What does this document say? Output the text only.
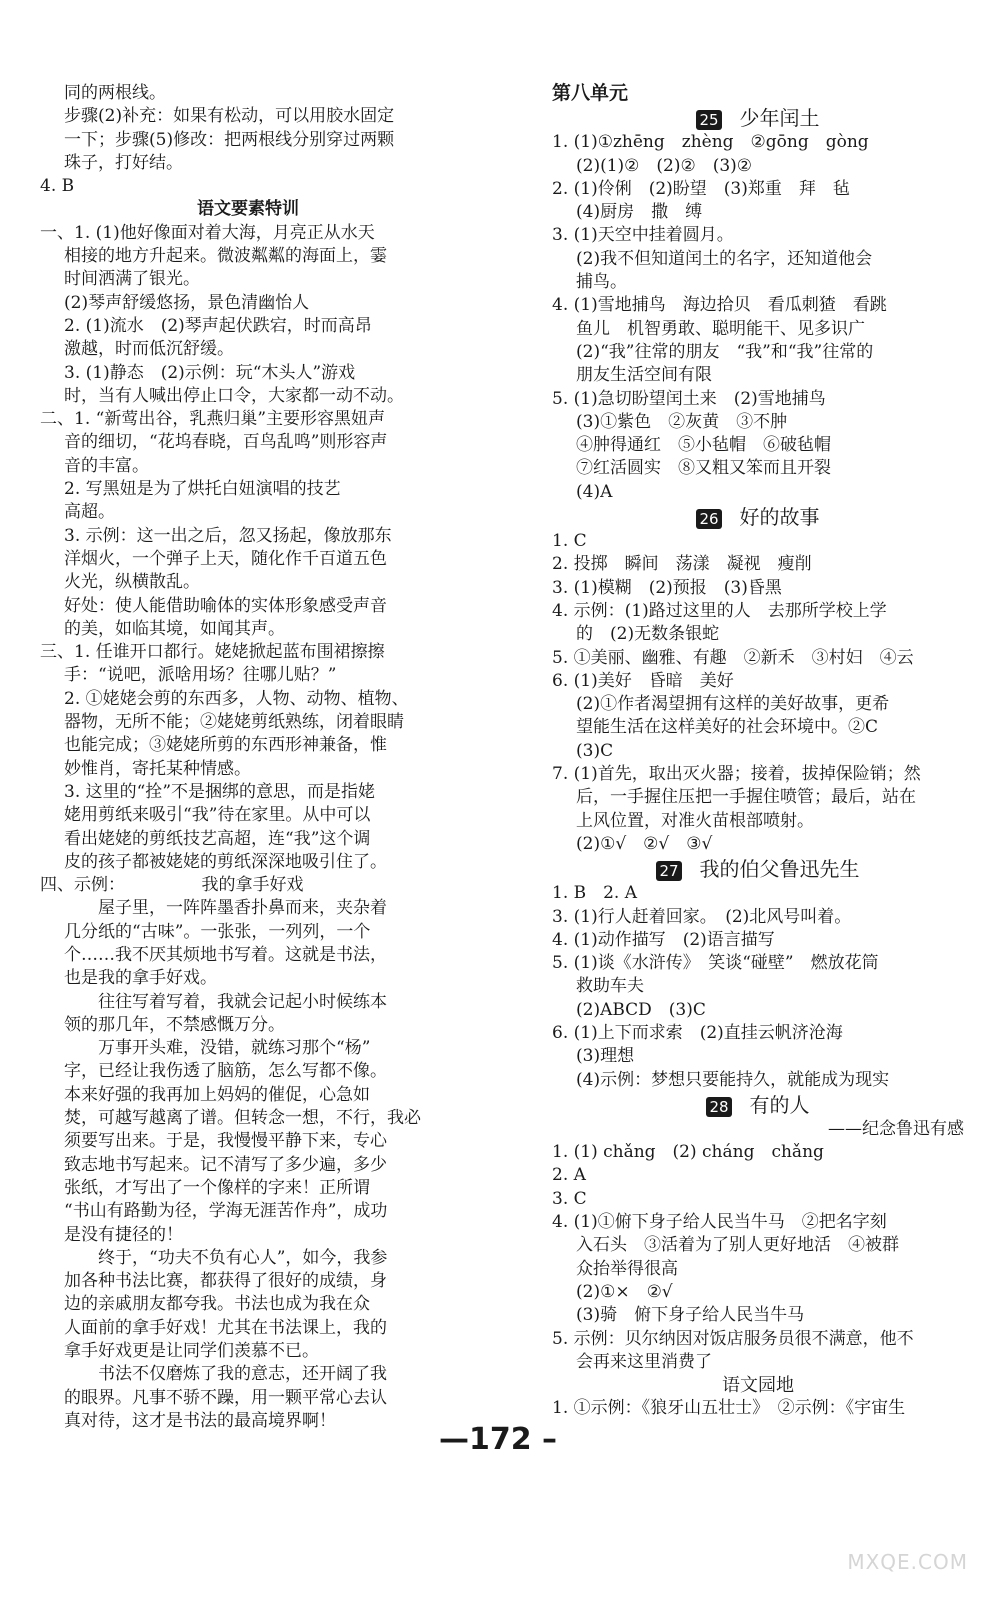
同的两根线。
步骤(2)补充：如果有松动，可以用胶水固定
一下；步骤(5)修改：把两根线分别穿过两颗
珠子，打好结。
4. B
语文要素特训
一、1. (1)他好像面对着大海，月亮正从水天
相接的地方升起来。微波粼粼的海面上，霎
时间洒满了银光。
(2)琴声舒缓悠扬，景色清幽怡人
2. (1)流水　(2)琴声起伏跌宕，时而高昂
激越，时而低沉舒缓。
3. (1)静态　(2)示例：玩“木头人”游戏
时，当有人喊出停止口令，大家都一动不动。
二、1. “新莺出谷，乳燕归巢”主要形容黑妞声
音的细切，“花坞春晓，百鸟乱鸣”则形容声
音的丰富。
2. 写黑妞是为了烘托白妞演唱的技艺
高超。
3. 示例：这一出之后，忽又扬起，像放那东
洋烟火，一个弹子上天，随化作千百道五色
火光，纵横散乱。
好处：使人能借助喻体的实体形象感受声音
的美，如临其境，如闻其声。
三、1. 任谁开口都行。姥姥掀起蓝布围裙擦擦
手：“说吧，派啥用场？往哪儿贴？”
2. ①姥姥会剪的东西多，人物、动物、植物、
器物，无所不能；②姥姥剪纸熟练，闭着眼睛
也能完成；③姥姥所剪的东西形神兼备，惟
妙惟肖，寄托某种情感。
3. 这里的“拴”不是捆绑的意思，而是指姥
姥用剪纸来吸引“我”待在家里。从中可以
看出姥姥的剪纸技艺高超，连“我”这个调
皮的孩子都被姥姥的剪纸深深地吸引住了。
四、示例：　　　　　我的拿手好戏
　　屋子里，一阵阵墨香扑鼻而来，夹杂着
几分纸的“古味”。一张张，一列列，一个
个……我不厌其烦地书写着。这就是书法，
也是我的拿手好戏。
　　往往写着写着，我就会记起小时候练本
领的那几年，不禁感慨万分。
　　万事开头难，没错，就练习那个“杨”
字，已经让我伤透了脑筋，怎么写都不像。
本来好强的我再加上妈妈的催促，心急如
焚，可越写越离了谱。但转念一想，不行，我必
须要写出来。于是，我慢慢平静下来，专心
致志地书写起来。记不清写了多少遍，多少
张纸，才写出了一个像样的字来！正所谓
“书山有路勤为径，学海无涯苦作舟”，成功
是没有捷径的！
　　终于，“功夫不负有心人”，如今，我参
加各种书法比赛，都获得了很好的成绩，身
边的亲戚朋友都夸我。书法也成为我在众
人面前的拿手好戏！尤其在书法课上，我的
拿手好戏更是让同学们羡慕不已。
　　书法不仅磨炼了我的意志，还开阔了我
的眼界。凡事不骄不躁，用一颗平常心去认
真对待，这才是书法的最高境界啊！
第八单元
25 少年闰土
1. (1)①zhēng　zhèng　②gōng　gòng
(2)(1)②　(2)②　(3)②
2. (1)伶俐　(2)盼望　(3)郑重　拜　毡
(4)厨房　撒　缚
3. (1)天空中挂着圆月。
(2)我不但知道闰土的名字，还知道他会
捕鸟。
4. (1)雪地捕鸟　海边拾贝　看瓜刺猹　看跳
鱼儿　机智勇敢、聪明能干、见多识广
(2)“我”往常的朋友　“我”和“我”往常的
朋友生活空间有限
5. (1)急切盼望闰土来　(2)雪地捕鸟
(3)①紫色　②灰黄　③不肿
④肿得通红　⑤小毡帽　⑥破毡帽
⑦红活圆实　⑧又粗又笨而且开裂
(4)A
26 好的故事
1. C
2. 投掷　瞬间　荡漾　凝视　瘦削
3. (1)模糊　(2)预报　(3)昏黑
4. 示例：(1)路过这里的人　去那所学校上学
的　(2)无数条银蛇
5. ①美丽、幽雅、有趣　②新禾　③村妇　④云
6. (1)美好　昏暗　美好
(2)①作者渴望拥有这样的美好故事，更希
望能生活在这样美好的社会环境中。②C
(3)C
7. (1)首先，取出灭火器；接着，拔掉保险销；然
后，一手握住压把一手握住喷管；最后，站在
上风位置，对准火苗根部喷射。
(2)①√　②√　③√
27 我的伯父鲁迅先生
1. B　2. A
3. (1)行人赶着回家。　(2)北风号叫着。
4. (1)动作描写　(2)语言描写
5. (1)谈《水浒传》　笑谈“碰壁”　燃放花筒
救助车夫
(2)ABCD　(3)C
6. (1)上下而求索　(2)直挂云帆济沧海
(3)理想
(4)示例：梦想只要能持久，就能成为现实
28 有的人
——纪念鲁迅有感
1. (1) chǎng　(2) cháng　chǎng
2. A
3. C
4. (1)①俯下身子给人民当牛马　②把名字刻
入石头　③活着为了别人更好地活　④被群
众抬举得很高
(2)①×　②√
(3)骑　俯下身子给人民当牛马
5. 示例：贝尔纳因对饭店服务员很不满意，他不
会再来这里消费了
语文园地
1. ①示例：《狼牙山五壮士》　②示例：《宇宙生
—172 –
MXQE.COM
